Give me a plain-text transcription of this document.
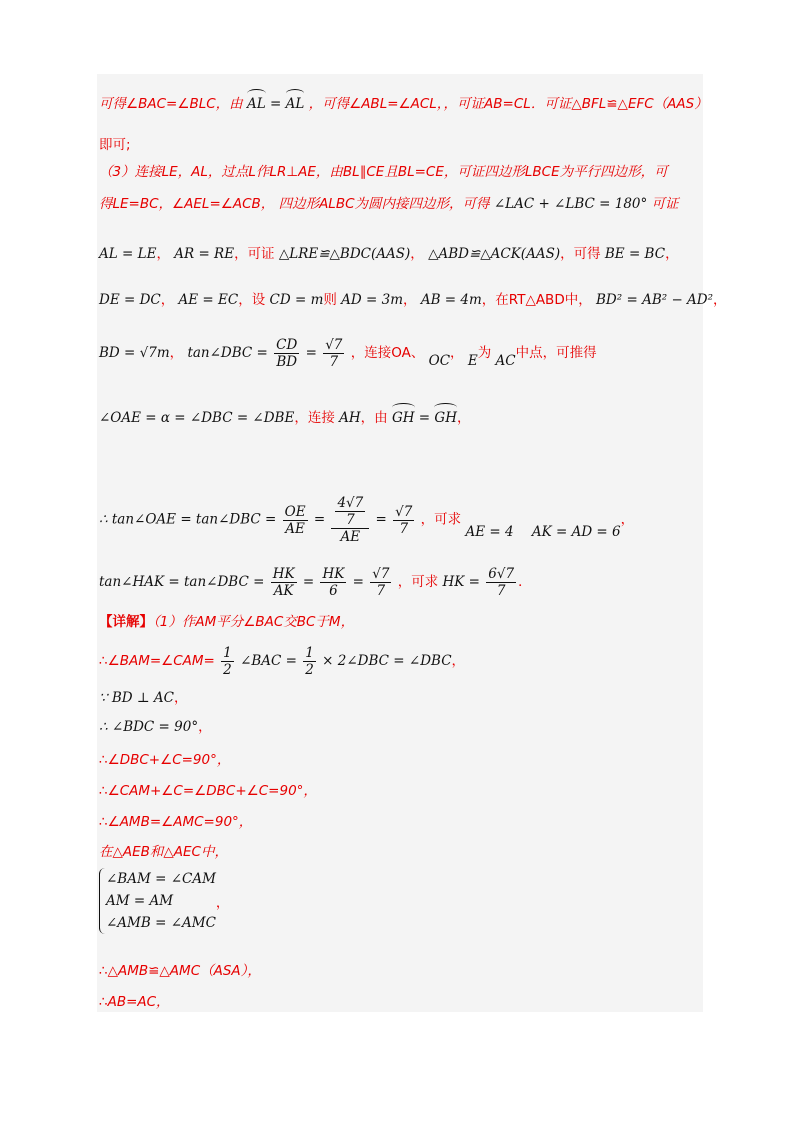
可得∠BAC=∠BLC，由 AL = AL ，可得∠ABL=∠ACL，，可证AB=CL．可证△BFL≌△EFC（AAS）
即可;
（3）连接LE，AL，过点L作LR⊥AE，由BL∥CE且BL=CE，可证四边形LBCE为平行四边形，可
得LE=BC，∠AEL=∠ACB， 四边形ALBC为圆内接四边形，可得 ∠LAC + ∠LBC = 180° 可证
AL = LE， AR = RE，可证 △LRE≌△BDC(AAS)， △ABD≌△ACK(AAS)，可得 BE = BC，
DE = DC， AE = EC，设 CD = m则 AD = 3m， AB = 4m，在RT△ABD中， BD² = AB² − AD²，
BD = √7m， tan∠DBC = $\frac{CD}{BD} = \frac{√7}{7}$ ，连接OA、 OC， E为 AC中点，可推得
∠OAE = α = ∠DBC = ∠DBE，连接 AH，由 GH = GH，
∴ tan∠OAE = tan∠DBC = $\frac{OE}{AE} = \frac{\frac{4√7}{7}}{AE} = \frac{√7}{7}$ ，可求 AE = 4 AK = AD = 6，
tan∠HAK = tan∠DBC = $\frac{HK}{AK} = \frac{HK}{6} = \frac{√7}{7}$ ，可求 HK = $\frac{6√7}{7}$ ．
【详解】（1）作AM平分∠BAC交BC于M，
∴∠BAM=∠CAM= $\frac{1}{2}$ ∠BAC = $\frac{1}{2}$ × 2∠DBC = ∠DBC，
∵ BD ⊥ AC，
∴ ∠BDC = 90°，
∴∠DBC+∠C=90°，
∴∠CAM+∠C=∠DBC+∠C=90°，
∴∠AMB=∠AMC=90°，
在△AEB和△AEC中，
∠BAM = ∠CAM
AM = AM
∠AMB = ∠AMC
，
∴△AMB≌△AMC（ASA），
∴AB=AC，
